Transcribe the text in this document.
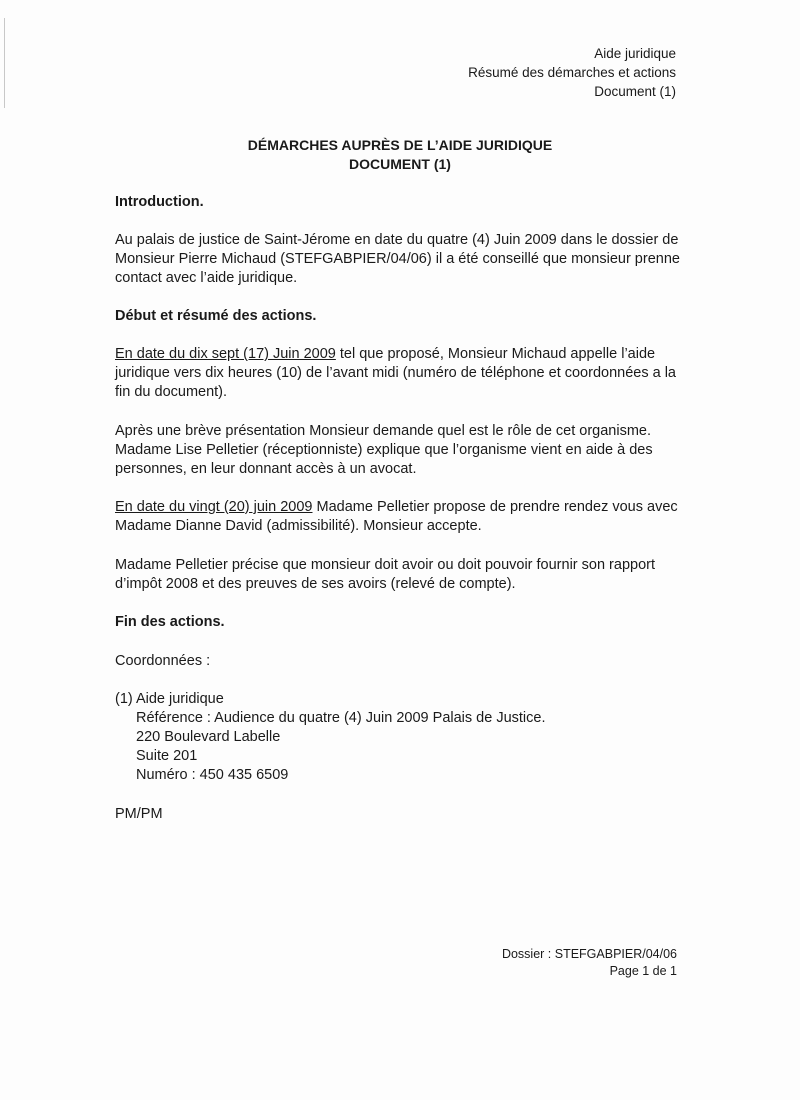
Aide juridique
Résumé des démarches et actions
Document (1)
DÉMARCHES AUPRÈS DE L’AIDE JURIDIQUE
DOCUMENT (1)
Introduction.

Au palais de justice de Saint-Jérome en date du quatre (4) Juin 2009 dans le dossier de Monsieur Pierre Michaud (STEFGABPIER/04/06) il a été conseillé que monsieur prenne contact avec l’aide juridique.

Début et résumé des actions.

En date du dix sept (17) Juin 2009 tel que proposé, Monsieur Michaud appelle l’aide juridique vers dix heures (10) de l’avant midi (numéro de téléphone et coordonnées a la fin du document).

Après une brève présentation Monsieur demande quel est le rôle de cet organisme. Madame Lise Pelletier (réceptionniste) explique que l’organisme vient en aide à des personnes, en leur donnant accès à un avocat.

En date du vingt (20) juin 2009 Madame Pelletier propose de prendre rendez vous avec Madame Dianne David (admissibilité). Monsieur accepte.

Madame Pelletier précise que monsieur doit avoir ou doit pouvoir fournir son rapport d’impôt 2008 et des preuves de ses avoirs (relevé de compte).

Fin des actions.
Coordonnées :
(1) Aide juridique
Référence : Audience du quatre (4) Juin 2009 Palais de Justice.
220 Boulevard Labelle
Suite 201
Numéro : 450 435 6509
PM/PM
Dossier : STEFGABPIER/04/06
Page 1 de 1
